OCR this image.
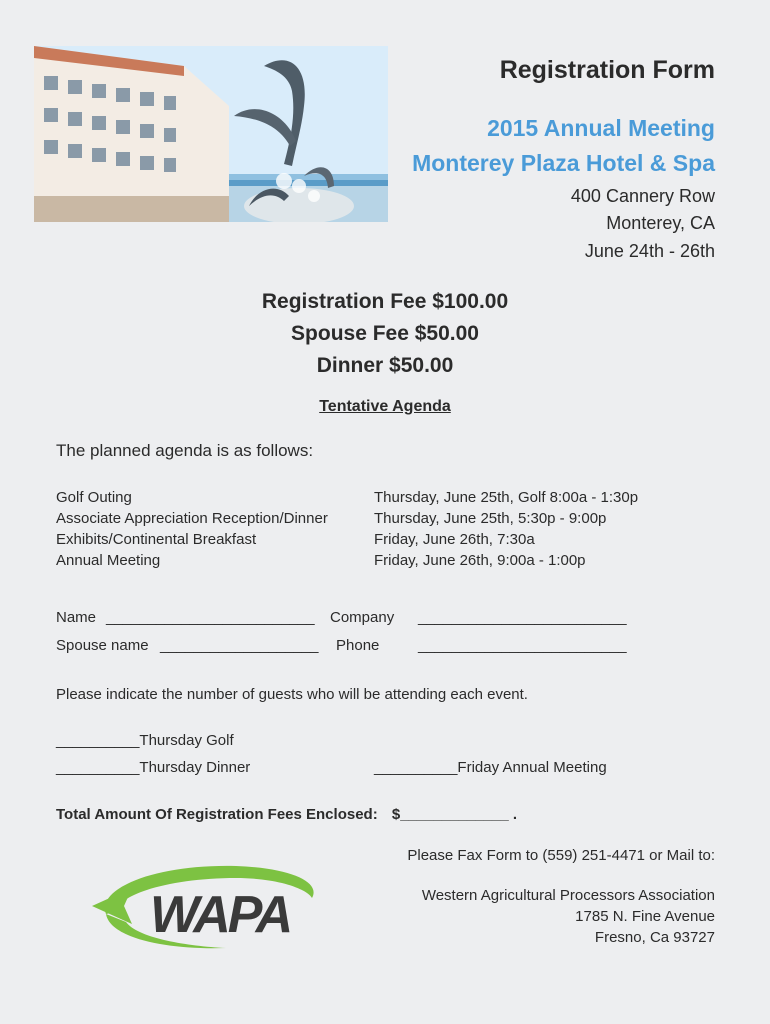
Registration Form
2015 Annual Meeting
Monterey Plaza Hotel & Spa
400 Cannery Row
Monterey, CA
June 24th - 26th
Registration Fee $100.00
Spouse Fee $50.00
Dinner $50.00
Tentative Agenda
The planned agenda is as follows:
Golf Outing	Thursday, June 25th, Golf 8:00a - 1:30p
Associate Appreciation Reception/Dinner	Thursday, June 25th, 5:30p - 9:00p
Exhibits/Continental Breakfast	Friday, June 26th, 7:30a
Annual Meeting	Friday, June 26th, 9:00a - 1:00p
Name _________________________ Company _________________________
Spouse name ___________________ Phone	_________________________
Please indicate the number of guests who will be attending each event.
__________Thursday Golf
__________Thursday Dinner	__________Friday Annual Meeting
Total Amount Of Registration Fees Enclosed: $_____________ .
Please Fax Form to (559) 251-4471 or Mail to:
Western Agricultural Processors Association
1785 N. Fine Avenue
Fresno, Ca 93727
WAPA
